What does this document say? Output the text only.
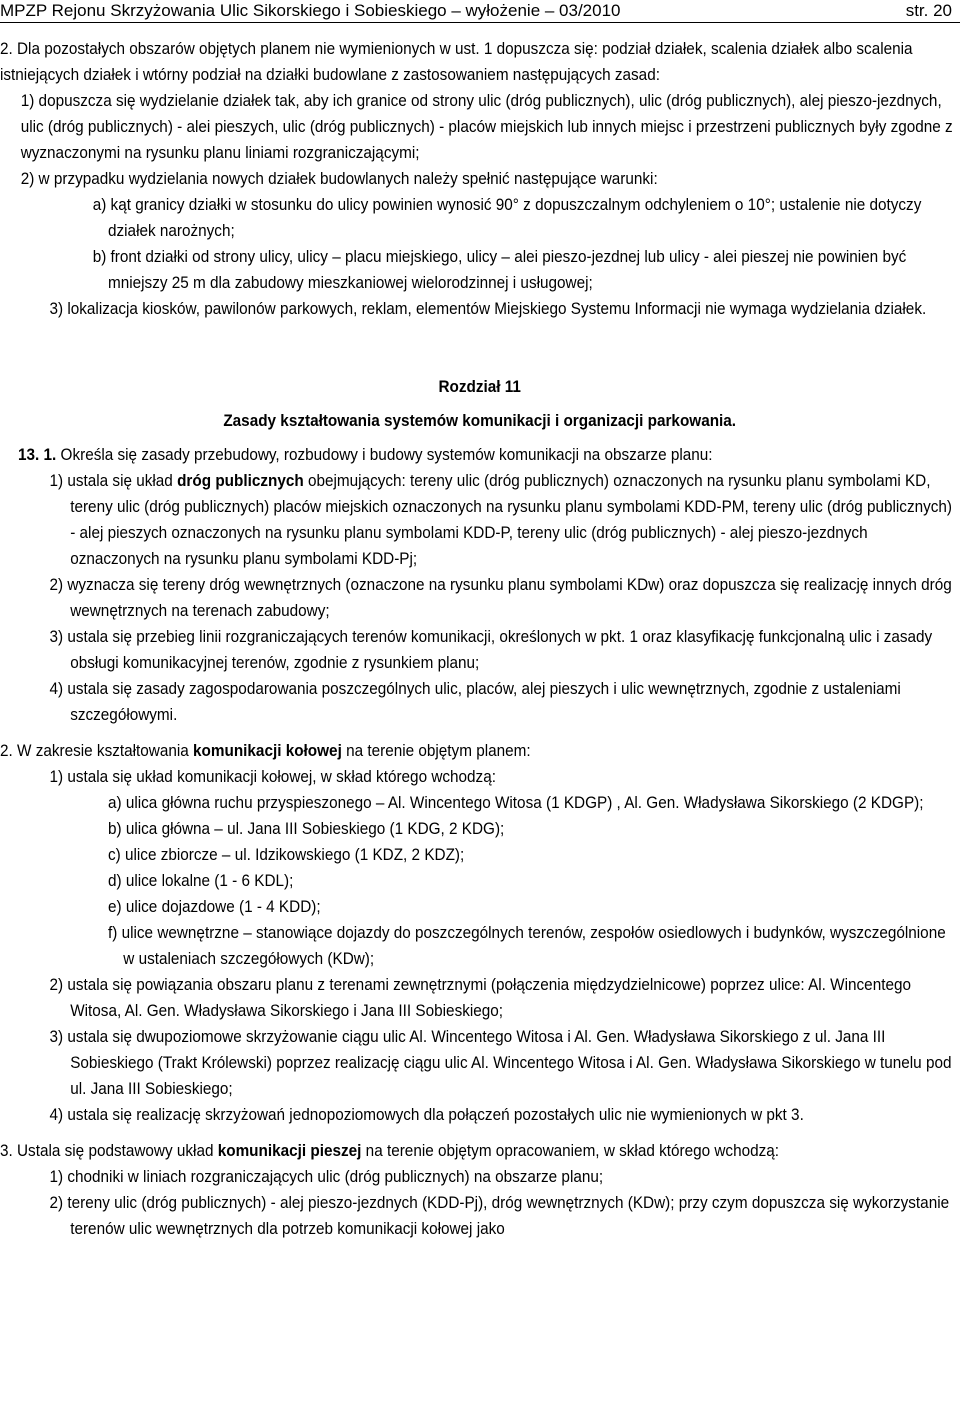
MPZP Rejonu Skrzyżowania Ulic Sikorskiego i Sobieskiego – wyłożenie – 03/2010	str. 20

2. Dla pozostałych obszarów objętych planem nie wymienionych w ust. 1 dopuszcza się: podział działek, scalenia działek albo scalenia istniejących działek i wtórny podział na działki budowlane z zastosowaniem następujących zasad:

1) dopuszcza się wydzielanie działek tak, aby ich granice od strony ulic (dróg publicznych), ulic (dróg publicznych), alej pieszo-jezdnych, ulic (dróg publicznych) - alei pieszych, ulic (dróg publicznych) - placów miejskich lub innych miejsc i przestrzeni publicznych były zgodne z wyznaczonymi na rysunku planu liniami rozgraniczającymi;

2) w przypadku wydzielania nowych działek budowlanych należy spełnić następujące warunki:

a) kąt granicy działki w stosunku do ulicy powinien wynosić 90° z dopuszczalnym odchyleniem o 10°; ustalenie nie dotyczy działek narożnych;

b) front działki od strony ulicy, ulicy – placu miejskiego, ulicy – alei pieszo-jezdnej lub ulicy - alei pieszej nie powinien być mniejszy 25 m dla zabudowy mieszkaniowej wielorodzinnej i usługowej;

3) lokalizacja kiosków, pawilonów parkowych, reklam, elementów Miejskiego Systemu Informacji nie wymaga wydzielania działek.

Rozdział 11

Zasady kształtowania systemów komunikacji i organizacji parkowania.

13. 1. Określa się zasady przebudowy, rozbudowy i budowy systemów komunikacji na obszarze planu:

1) ustala się układ dróg publicznych obejmujących: tereny ulic (dróg publicznych) oznaczonych na rysunku planu symbolami KD, tereny ulic (dróg publicznych) placów miejskich oznaczonych na rysunku planu symbolami KDD-PM, tereny ulic (dróg publicznych) - alej pieszych oznaczonych na rysunku planu symbolami KDD-P, tereny ulic (dróg publicznych) - alej pieszo-jezdnych oznaczonych na rysunku planu symbolami KDD-Pj;

2) wyznacza się tereny dróg wewnętrznych (oznaczone na rysunku planu symbolami KDw) oraz dopuszcza się realizację innych dróg wewnętrznych na terenach zabudowy;

3) ustala się przebieg linii rozgraniczających terenów komunikacji, określonych w pkt. 1 oraz klasyfikację funkcjonalną ulic i zasady obsługi komunikacyjnej terenów, zgodnie z rysunkiem planu;

4) ustala się zasady zagospodarowania poszczególnych ulic, placów, alej pieszych i ulic wewnętrznych, zgodnie z ustaleniami szczegółowymi.

2. W zakresie kształtowania komunikacji kołowej na terenie objętym planem:

1) ustala się układ komunikacji kołowej, w skład którego wchodzą:

a) ulica główna ruchu przyspieszonego – Al. Wincentego Witosa (1 KDGP) , Al. Gen. Władysława Sikorskiego (2 KDGP);

b) ulica główna – ul. Jana III Sobieskiego (1 KDG, 2 KDG);

c) ulice zbiorcze – ul. Idzikowskiego (1 KDZ, 2 KDZ);

d) ulice lokalne (1 - 6 KDL);

e) ulice dojazdowe (1 - 4 KDD);

f) ulice wewnętrzne – stanowiące dojazdy do poszczególnych terenów, zespołów osiedlowych i budynków, wyszczególnione w ustaleniach szczegółowych (KDw);

2) ustala się powiązania obszaru planu z terenami zewnętrznymi (połączenia międzydzielnicowe) poprzez ulice: Al. Wincentego Witosa, Al. Gen. Władysława Sikorskiego i Jana III Sobieskiego;

3) ustala się dwupoziomowe skrzyżowanie ciągu ulic Al. Wincentego Witosa i Al. Gen. Władysława Sikorskiego z ul. Jana III Sobieskiego (Trakt Królewski) poprzez realizację ciągu ulic Al. Wincentego Witosa i Al. Gen. Władysława Sikorskiego w tunelu pod ul. Jana III Sobieskiego;

4) ustala się realizację skrzyżowań jednopoziomowych dla połączeń pozostałych ulic nie wymienionych w pkt 3.

3. Ustala się podstawowy układ komunikacji pieszej na terenie objętym opracowaniem, w skład którego wchodzą:

1) chodniki w liniach rozgraniczających ulic (dróg publicznych) na obszarze planu;

2) tereny ulic (dróg publicznych) - alej pieszo-jezdnych (KDD-Pj), dróg wewnętrznych (KDw); przy czym dopuszcza się wykorzystanie terenów ulic wewnętrznych dla potrzeb komunikacji kołowej jako
